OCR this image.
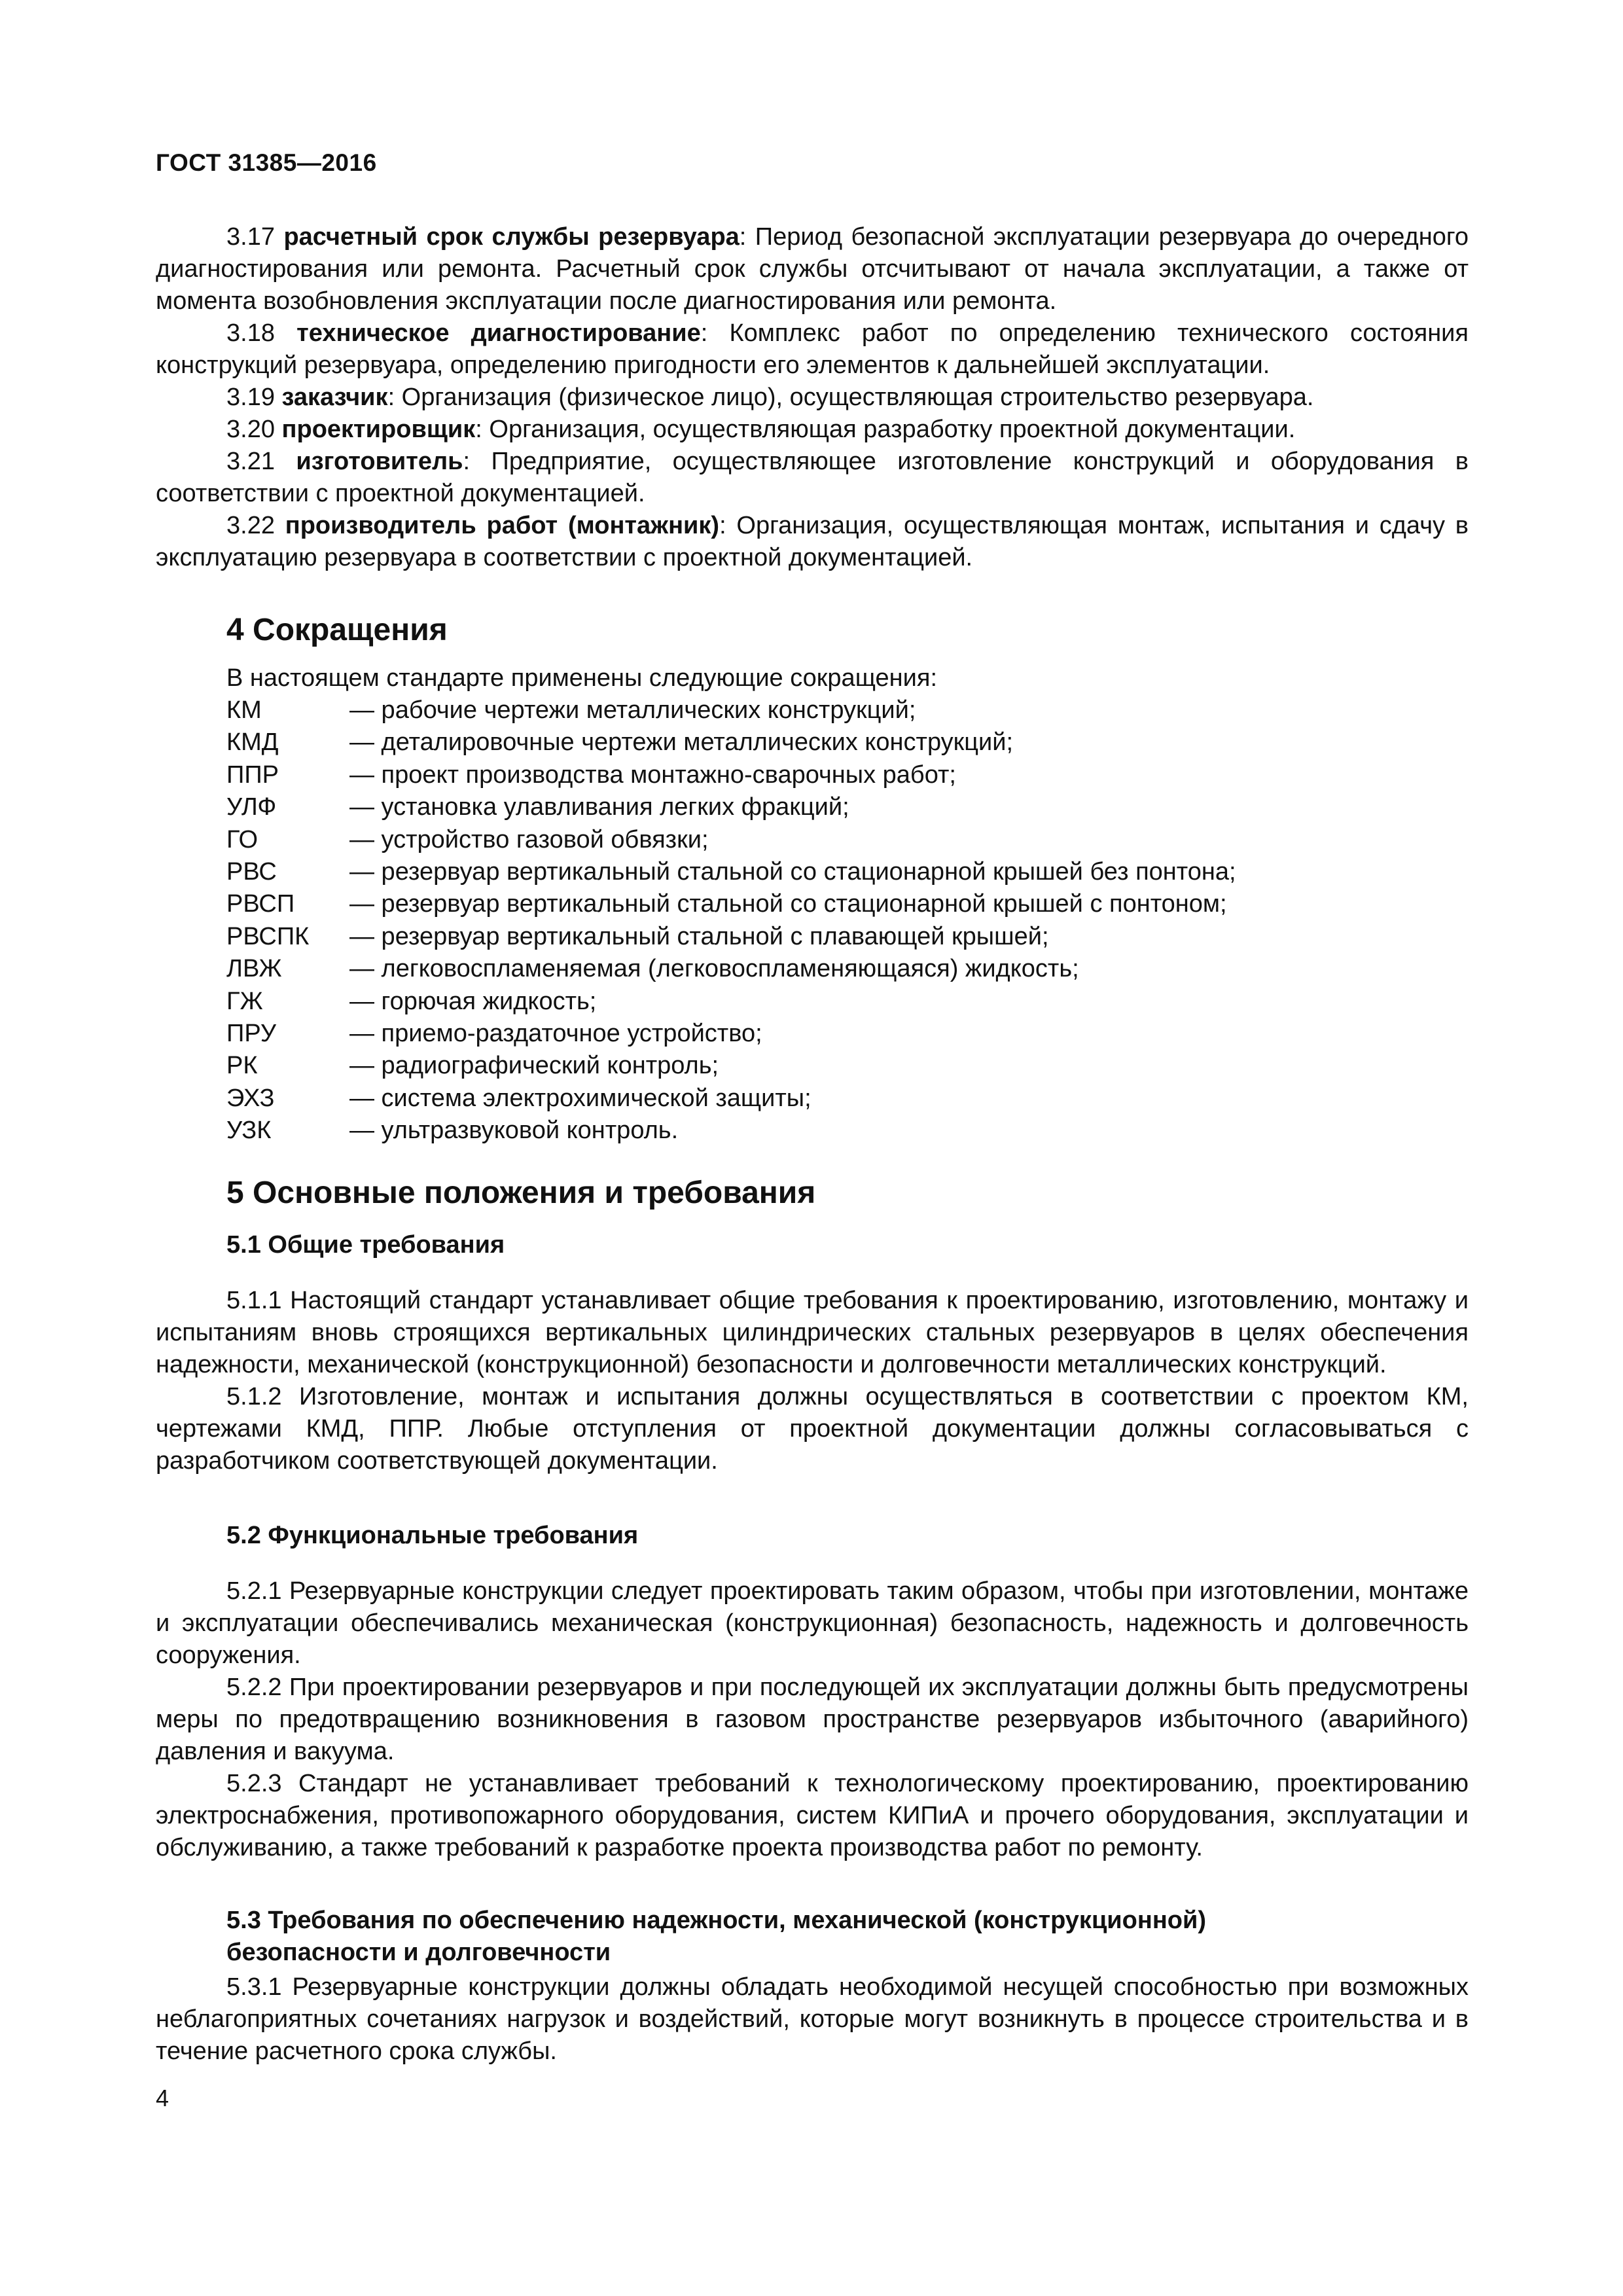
ГОСТ 31385—2016

3.17 расчетный срок службы резервуара: Период безопасной эксплуатации резервуара до очередного диагностирования или ремонта. Расчетный срок службы отсчитывают от начала эксплуатации, а также от момента возобновления эксплуатации после диагностирования или ремонта.

3.18 техническое диагностирование: Комплекс работ по определению технического состояния конструкций резервуара, определению пригодности его элементов к дальнейшей эксплуатации.

3.19 заказчик: Организация (физическое лицо), осуществляющая строительство резервуара.

3.20 проектировщик: Организация, осуществляющая разработку проектной документации.

3.21 изготовитель: Предприятие, осуществляющее изготовление конструкций и оборудования в соответствии с проектной документацией.

3.22 производитель работ (монтажник): Организация, осуществляющая монтаж, испытания и сдачу в эксплуатацию резервуара в соответствии с проектной документацией.

4 Сокращения
В настоящем стандарте применены следующие сокращения:
КМ	— рабочие чертежи металлических конструкций;
КМД	— деталировочные чертежи металлических конструкций;
ППР	— проект производства монтажно-сварочных работ;
УЛФ	— установка улавливания легких фракций;
ГО	— устройство газовой обвязки;
РВС	— резервуар вертикальный стальной со стационарной крышей без понтона;
РВСП	— резервуар вертикальный стальной со стационарной крышей с понтоном;
РВСПК	— резервуар вертикальный стальной с плавающей крышей;
ЛВЖ	— легковоспламеняемая (легковоспламеняющаяся) жидкость;
ГЖ	— горючая жидкость;
ПРУ	— приемо-раздаточное устройство;
РК	— радиографический контроль;
ЭХЗ	— система электрохимической защиты;
УЗК	— ультразвуковой контроль.
5 Основные положения и требования
5.1 Общие требования

5.1.1 Настоящий стандарт устанавливает общие требования к проектированию, изготовлению, монтажу и испытаниям вновь строящихся вертикальных цилиндрических стальных резервуаров в целях обеспечения надежности, механической (конструкционной) безопасности и долговечности металлических конструкций.

5.1.2 Изготовление, монтаж и испытания должны осуществляться в соответствии с проектом КМ, чертежами КМД, ППР. Любые отступления от проектной документации должны согласовываться с разработчиком соответствующей документации.

5.2 Функциональные требования

5.2.1 Резервуарные конструкции следует проектировать таким образом, чтобы при изготовлении, монтаже и эксплуатации обеспечивались механическая (конструкционная) безопасность, надежность и долговечность сооружения.

5.2.2 При проектировании резервуаров и при последующей их эксплуатации должны быть предусмотрены меры по предотвращению возникновения в газовом пространстве резервуаров избыточного (аварийного) давления и вакуума.

5.2.3 Стандарт не устанавливает требований к технологическому проектированию, проектированию электроснабжения, противопожарного оборудования, систем КИПиА и прочего оборудования, эксплуатации и обслуживанию, а также требований к разработке проекта производства работ по ремонту.

5.3 Требования по обеспечению надежности, механической (конструкционной)
безопасности и долговечности

5.3.1 Резервуарные конструкции должны обладать необходимой несущей способностью при возможных неблагоприятных сочетаниях нагрузок и воздействий, которые могут возникнуть в процессе строительства и в течение расчетного срока службы.

4
